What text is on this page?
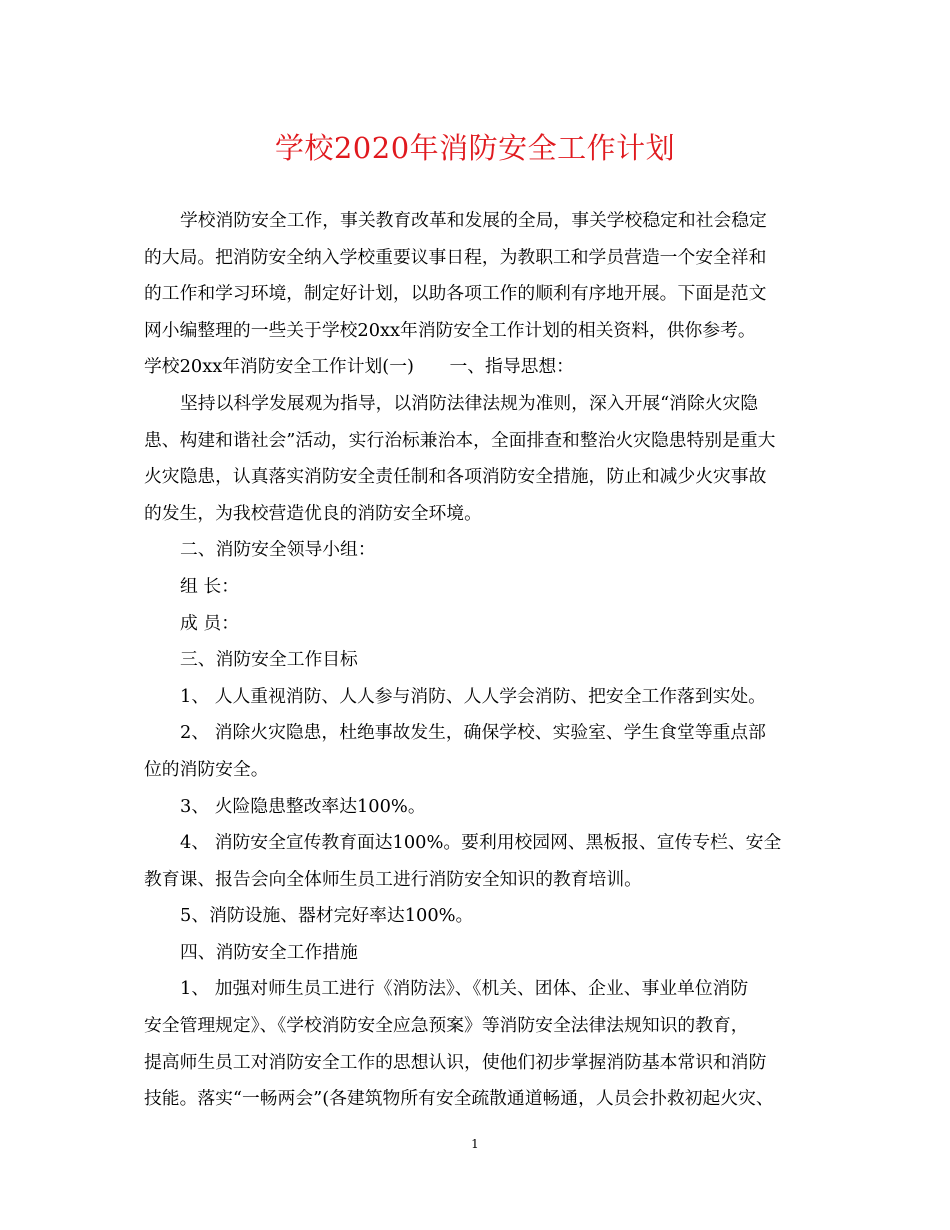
学校2020年消防安全工作计划
学校消防安全工作，事关教育改革和发展的全局，事关学校稳定和社会稳定
的大局。把消防安全纳入学校重要议事日程，为教职工和学员营造一个安全祥和
的工作和学习环境，制定好计划，以助各项工作的顺利有序地开展。下面是范文
网小编整理的一些关于学校20xx年消防安全工作计划的相关资料，供你参考。
学校20xx年消防安全工作计划(一)　　一、指导思想：
坚持以科学发展观为指导，以消防法律法规为准则，深入开展“消除火灾隐
患、构建和谐社会”活动，实行治标兼治本，全面排查和整治火灾隐患特别是重大
火灾隐患，认真落实消防安全责任制和各项消防安全措施，防止和减少火灾事故
的发生，为我校营造优良的消防安全环境。
二、消防安全领导小组：
组 长：
成 员：
三、消防安全工作目标
1、 人人重视消防、人人参与消防、人人学会消防、把安全工作落到实处。
2、 消除火灾隐患，杜绝事故发生，确保学校、实验室、学生食堂等重点部
位的消防安全。
3、 火险隐患整改率达100%。
4、 消防安全宣传教育面达100%。要利用校园网、黑板报、宣传专栏、安全
教育课、报告会向全体师生员工进行消防安全知识的教育培训。
5、消防设施、器材完好率达100%。
四、消防安全工作措施
1、 加强对师生员工进行《消防法》、《机关、团体、企业、事业单位消防
安全管理规定》、《学校消防安全应急预案》等消防安全法律法规知识的教育，
提高师生员工对消防安全工作的思想认识，使他们初步掌握消防基本常识和消防
技能。落实“一畅两会”(各建筑物所有安全疏散通道畅通，人员会扑救初起火灾、
1
